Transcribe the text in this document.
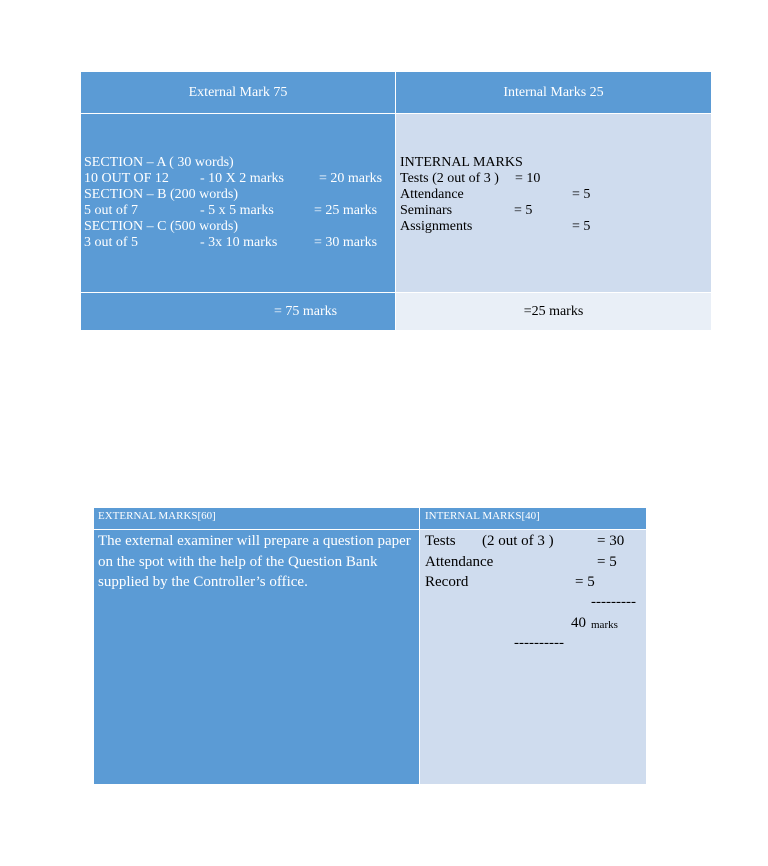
External Mark 75	Internal Marks 25
SECTION – A ( 30 words)
10 OUT OF 12 - 10 X 2 marks	= 20 marks
SECTION – B (200 words)
5 out of 7	- 5 x 5 marks	= 25 marks
SECTION – C (500 words)
3 out of 5	- 3x 10 marks	= 30 marks
INTERNAL MARKS
Tests (2 out of 3 ) = 10
Attendance	= 5
Seminars	= 5
Assignments	= 5
= 75 marks	=25 marks
EXTERNAL MARKS[60]	INTERNAL MARKS[40]
The external examiner will prepare a question paper on the spot with the help of the Question Bank supplied by the Controller’s office.
Tests (2 out of 3 )	= 30
Attendance	= 5
Record	= 5
---------
40 marks
----------
